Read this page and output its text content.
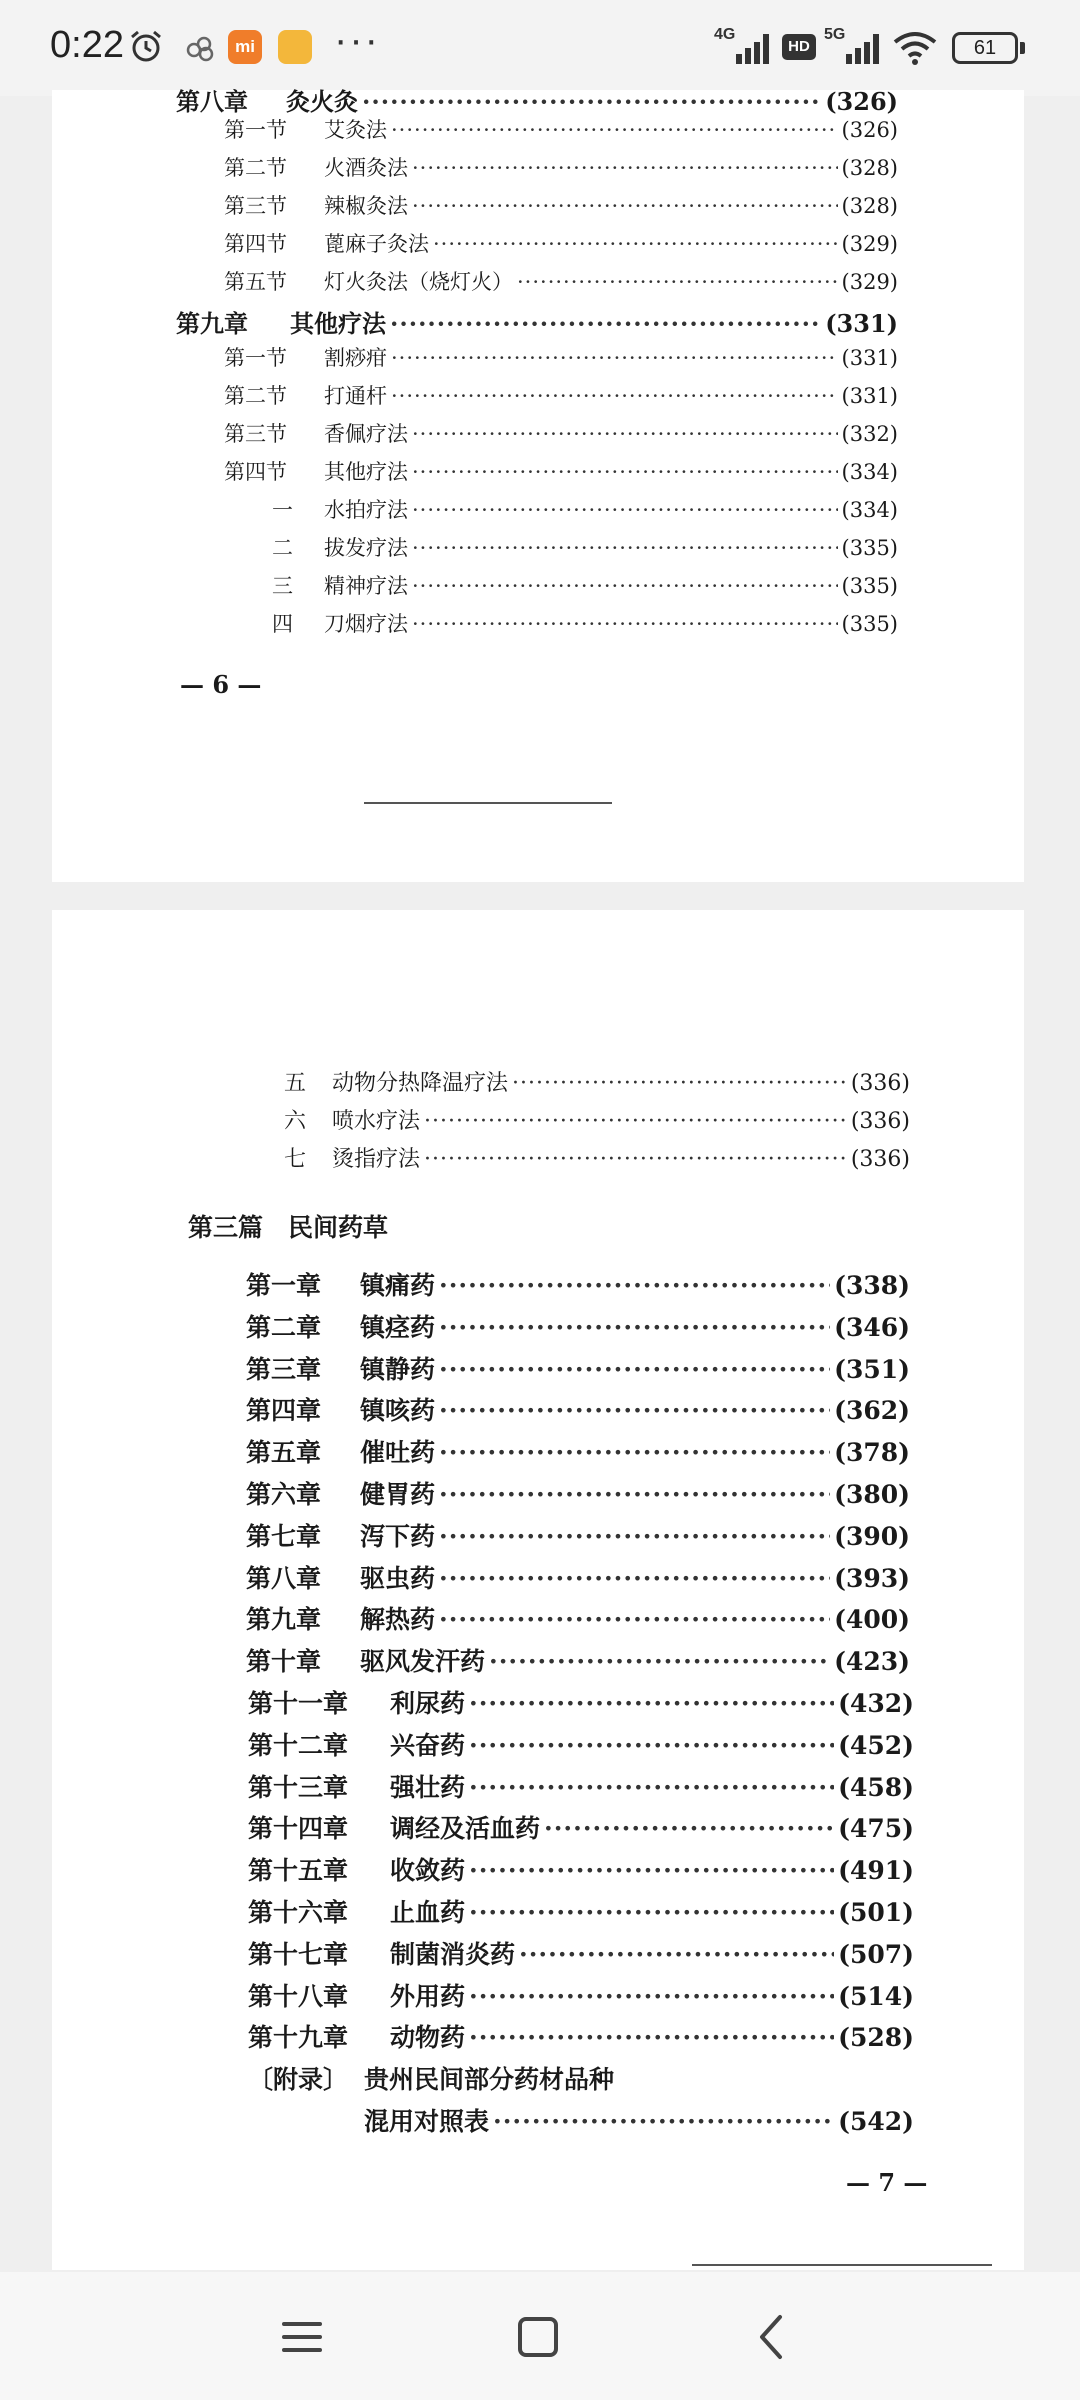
0:22	mi ···	4G
HD
5G
61
第八章	灸火灸 ·····	(326)
第一节	艾灸法 ·····	(326)
第二节	火酒灸法 ·····	(328)
第三节	辣椒灸法 ·····	(328)
第四节	蓖麻子灸法 ·····	(329)
第五节	灯火灸法（烧灯火） ·····	(329)
第九章	其他疗法 ·····	(331)
第一节	割痧疳 ·····	(331)
第二节	打通杆 ·····	(331)
第三节	香佩疗法 ·····	(332)
第四节	其他疗法 ·····	(334)
一	水拍疗法 ·····	(334)
二	拔发疗法 ·····	(335)
三	精神疗法 ·····	(335)
四	刀烟疗法 ·····	(335)
— 6 —
五	动物分热降温疗法 ·····	(336)
六	喷水疗法 ·····	(336)
七	烫指疗法 ·····	(336)
第三篇　民间药草
第一章	镇痛药 ·····	(338)
第二章	镇痉药 ·····	(346)
第三章	镇静药 ·····	(351)
第四章	镇咳药 ·····	(362)
第五章	催吐药 ·····	(378)
第六章	健胃药 ·····	(380)
第七章	泻下药 ·····	(390)
第八章	驱虫药 ·····	(393)
第九章	解热药 ·····	(400)
第十章	驱风发汗药 ·····	(423)
第十一章	利尿药 ·····	(432)
第十二章	兴奋药 ·····	(452)
第十三章	强壮药 ·····	(458)
第十四章	调经及活血药 ·····	(475)
第十五章	收敛药 ·····	(491)
第十六章	止血药 ·····	(501)
第十七章	制菌消炎药 ·····	(507)
第十八章	外用药 ·····	(514)
第十九章	动物药 ·····	(528)
〔附录〕 贵州民间部分药材品种
混用对照表 ·····	(542)
— 7 —
